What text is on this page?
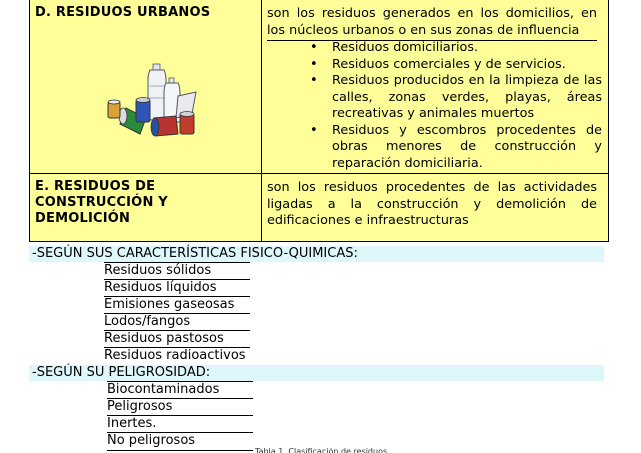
D. RESIDUOS URBANOS	son los residuos generados en los domicilios, en los núcleos urbanos o en sus zonas de influencia
• Residuos domiciliarios.
• Residuos comerciales y de servicios.
• Residuos producidos en la limpieza de las calles, zonas verdes, playas, áreas recreativas y animales muertos
• Residuos y escombros procedentes de obras menores de construcción y reparación domiciliaria.
E. RESIDUOS DE
CONSTRUCCIÓN Y
DEMOLICIÓN
son los residuos procedentes de las actividades ligadas a la construcción y demolición de edificaciones e infraestructuras
-SEGÚN SUS CARACTERÍSTICAS FISICO-QUIMICAS:
Residuos sólidos
Residuos líquidos
Emisiones gaseosas
Lodos/fangos
Residuos pastosos
Residuos radioactivos
-SEGÚN SU PELIGROSIDAD:
Biocontaminados
Peligrosos
Inertes.
No peligrosos
Tabla 1. Clasificación de residuos
